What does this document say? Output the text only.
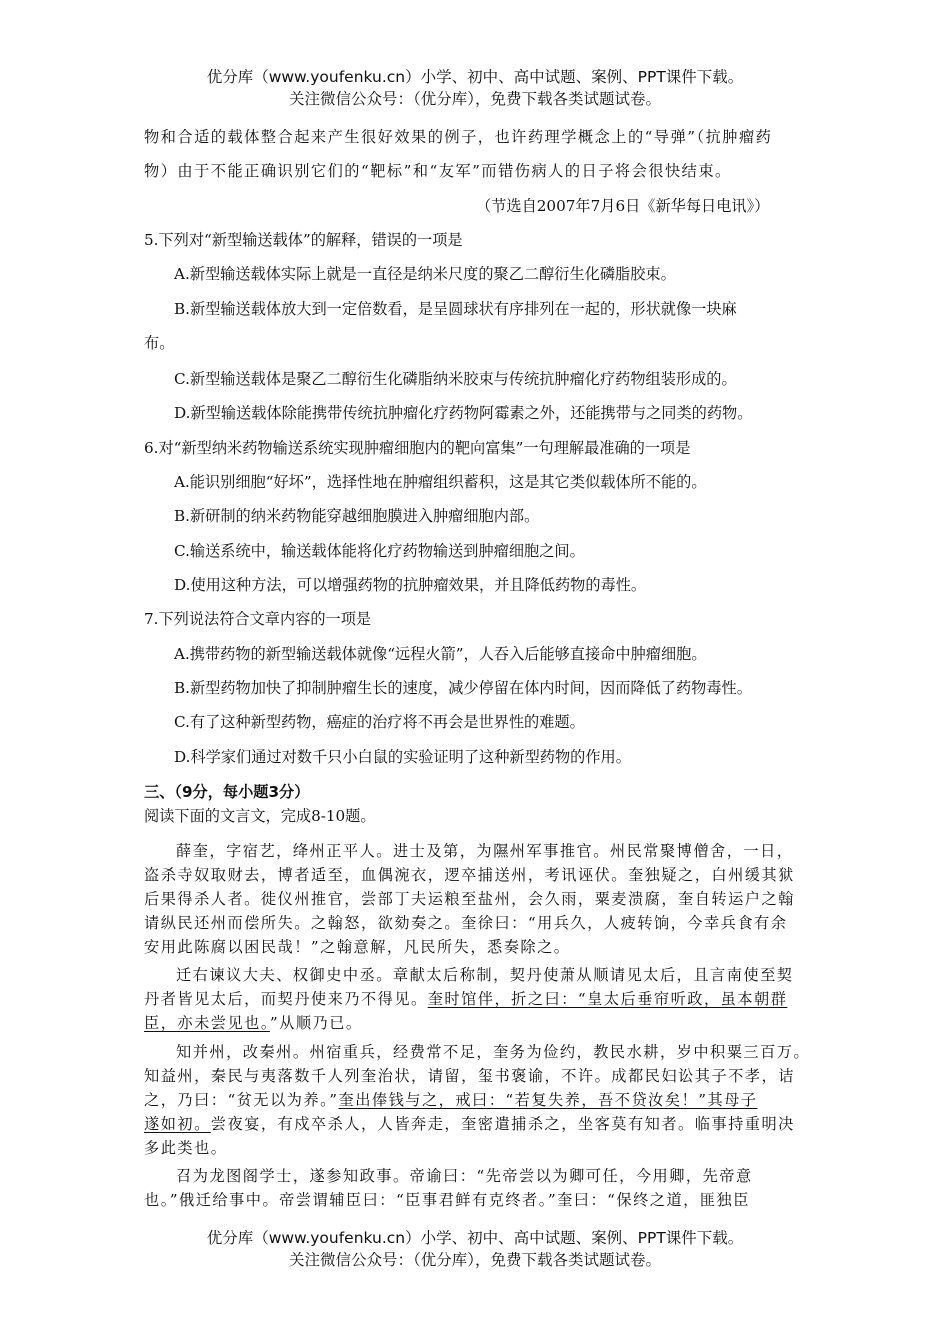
优分库（www.youfenku.cn）小学、初中、高中试题、案例、PPT课件下载。
关注微信公众号：（优分库），免费下载各类试题试卷。
物和合适的载体整合起来产生很好效果的例子，也许药理学概念上的“导弹”（抗肿瘤药
物）由于不能正确识别它们的“靶标”和“友军”而错伤病人的日子将会很快结束。
（节选自2007年7月6日《新华每日电讯》）
5.下列对“新型输送载体”的解释，错误的一项是
A.新型输送载体实际上就是一直径是纳米尺度的聚乙二醇衍生化磷脂胶束。
B.新型输送载体放大到一定倍数看，是呈圆球状有序排列在一起的，形状就像一块麻
布。
C.新型输送载体是聚乙二醇衍生化磷脂纳米胶束与传统抗肿瘤化疗药物组装形成的。
D.新型输送载体除能携带传统抗肿瘤化疗药物阿霉素之外，还能携带与之同类的药物。
6.对“新型纳米药物输送系统实现肿瘤细胞内的靶向富集”一句理解最准确的一项是
A.能识别细胞“好坏”，选择性地在肿瘤组织蓄积，这是其它类似载体所不能的。
B.新研制的纳米药物能穿越细胞膜进入肿瘤细胞内部。
C.输送系统中，输送载体能将化疗药物输送到肿瘤细胞之间。
D.使用这种方法，可以增强药物的抗肿瘤效果，并且降低药物的毒性。
7.下列说法符合文章内容的一项是
A.携带药物的新型输送载体就像“远程火箭”，人吞入后能够直接命中肿瘤细胞。
B.新型药物加快了抑制肿瘤生长的速度，减少停留在体内时间，因而降低了药物毒性。
C.有了这种新型药物，癌症的治疗将不再会是世界性的难题。
D.科学家们通过对数千只小白鼠的实验证明了这种新型药物的作用。
三、（9分，每小题3分）
阅读下面的文言文，完成8-10题。
薛奎，字宿艺，绛州正平人。进士及第，为隰州军事推官。州民常聚博僧舍，一日，
盗杀寺奴取财去，博者适至，血偶涴衣，逻卒捕送州，考讯诬伏。奎独疑之，白州缓其狱
后果得杀人者。徙仪州推官，尝部丁夫运粮至盐州，会久雨，粟麦溃腐，奎自转运户之翰
请纵民还州而偿所失。之翰怒，欲劾奏之。奎徐曰：“用兵久，人疲转饷，今幸兵食有余
安用此陈腐以困民哉！”之翰意解，凡民所失，悉奏除之。
迁右谏议大夫、权御史中丞。章献太后称制，契丹使萧从顺请见太后，且言南使至契
丹者皆见太后，而契丹使来乃不得见。奎时馆伴，折之曰：“皇太后垂帘听政，虽本朝群
臣，亦未尝见也。”从顺乃已。
知并州，改秦州。州宿重兵，经费常不足，奎务为俭约，教民水耕，岁中积粟三百万。
知益州，秦民与夷落数千人列奎治状，请留，玺书褒谕，不许。成都民妇讼其子不孝，诘
之，乃曰：“贫无以为养。”奎出俸钱与之，戒曰：“若复失养，吾不贷汝矣！”其母子
遂如初。尝夜宴，有戍卒杀人，人皆奔走，奎密遣捕杀之，坐客莫有知者。临事持重明决
多此类也。
召为龙图阁学士，遂参知政事。帝谕曰：“先帝尝以为卿可任，今用卿，先帝意
也。”俄迁给事中。帝尝谓辅臣曰：“臣事君鲜有克终者。”奎曰：“保终之道，匪独臣
优分库（www.youfenku.cn）小学、初中、高中试题、案例、PPT课件下载。
关注微信公众号：（优分库），免费下载各类试题试卷。
